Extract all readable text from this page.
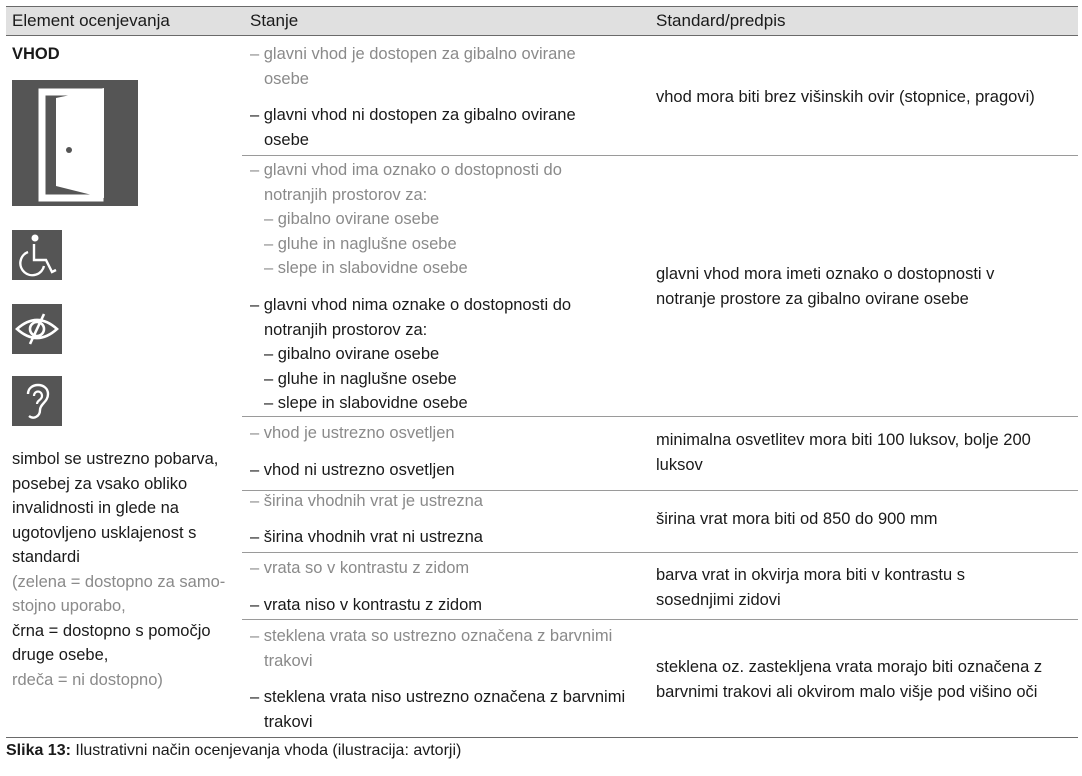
Element ocenjevanja	Stanje	Standard/predpis
VHOD
simbol se ustrezno pobarva,
posebej za vsako obliko
invalidnosti in glede na
ugotovljeno usklajenost s
standardi
(zelena = dostopno za samo-
stojno uporabo,
črna = dostopno s pomočjo
druge osebe,
rdeča = ni dostopno)
– glavni vhod je dostopen za gibalno ovirane
osebe
– glavni vhod ni dostopen za gibalno ovirane
osebe
vhod mora biti brez višinskih ovir (stopnice, pragovi)
– glavni vhod ima oznako o dostopnosti do
notranjih prostorov za:
– gibalno ovirane osebe
– gluhe in naglušne osebe
– slepe in slabovidne osebe
– glavni vhod nima oznake o dostopnosti do
notranjih prostorov za:
– gibalno ovirane osebe
– gluhe in naglušne osebe
– slepe in slabovidne osebe
glavni vhod mora imeti oznako o dostopnosti v
notranje prostore za gibalno ovirane osebe
– vhod je ustrezno osvetljen
– vhod ni ustrezno osvetljen
minimalna osvetlitev mora biti 100 luksov, bolje 200
luksov
– širina vhodnih vrat je ustrezna
– širina vhodnih vrat ni ustrezna
širina vrat mora biti od 850 do 900 mm
– vrata so v kontrastu z zidom
– vrata niso v kontrastu z zidom
barva vrat in okvirja mora biti v kontrastu s
sosednjimi zidovi
– steklena vrata so ustrezno označena z barvnimi
trakovi
– steklena vrata niso ustrezno označena z barvnimi
trakovi
steklena oz. zastekljena vrata morajo biti označena z
barvnimi trakovi ali okvirom malo višje pod višino oči
Slika 13: Ilustrativni način ocenjevanja vhoda (ilustracija: avtorji)
